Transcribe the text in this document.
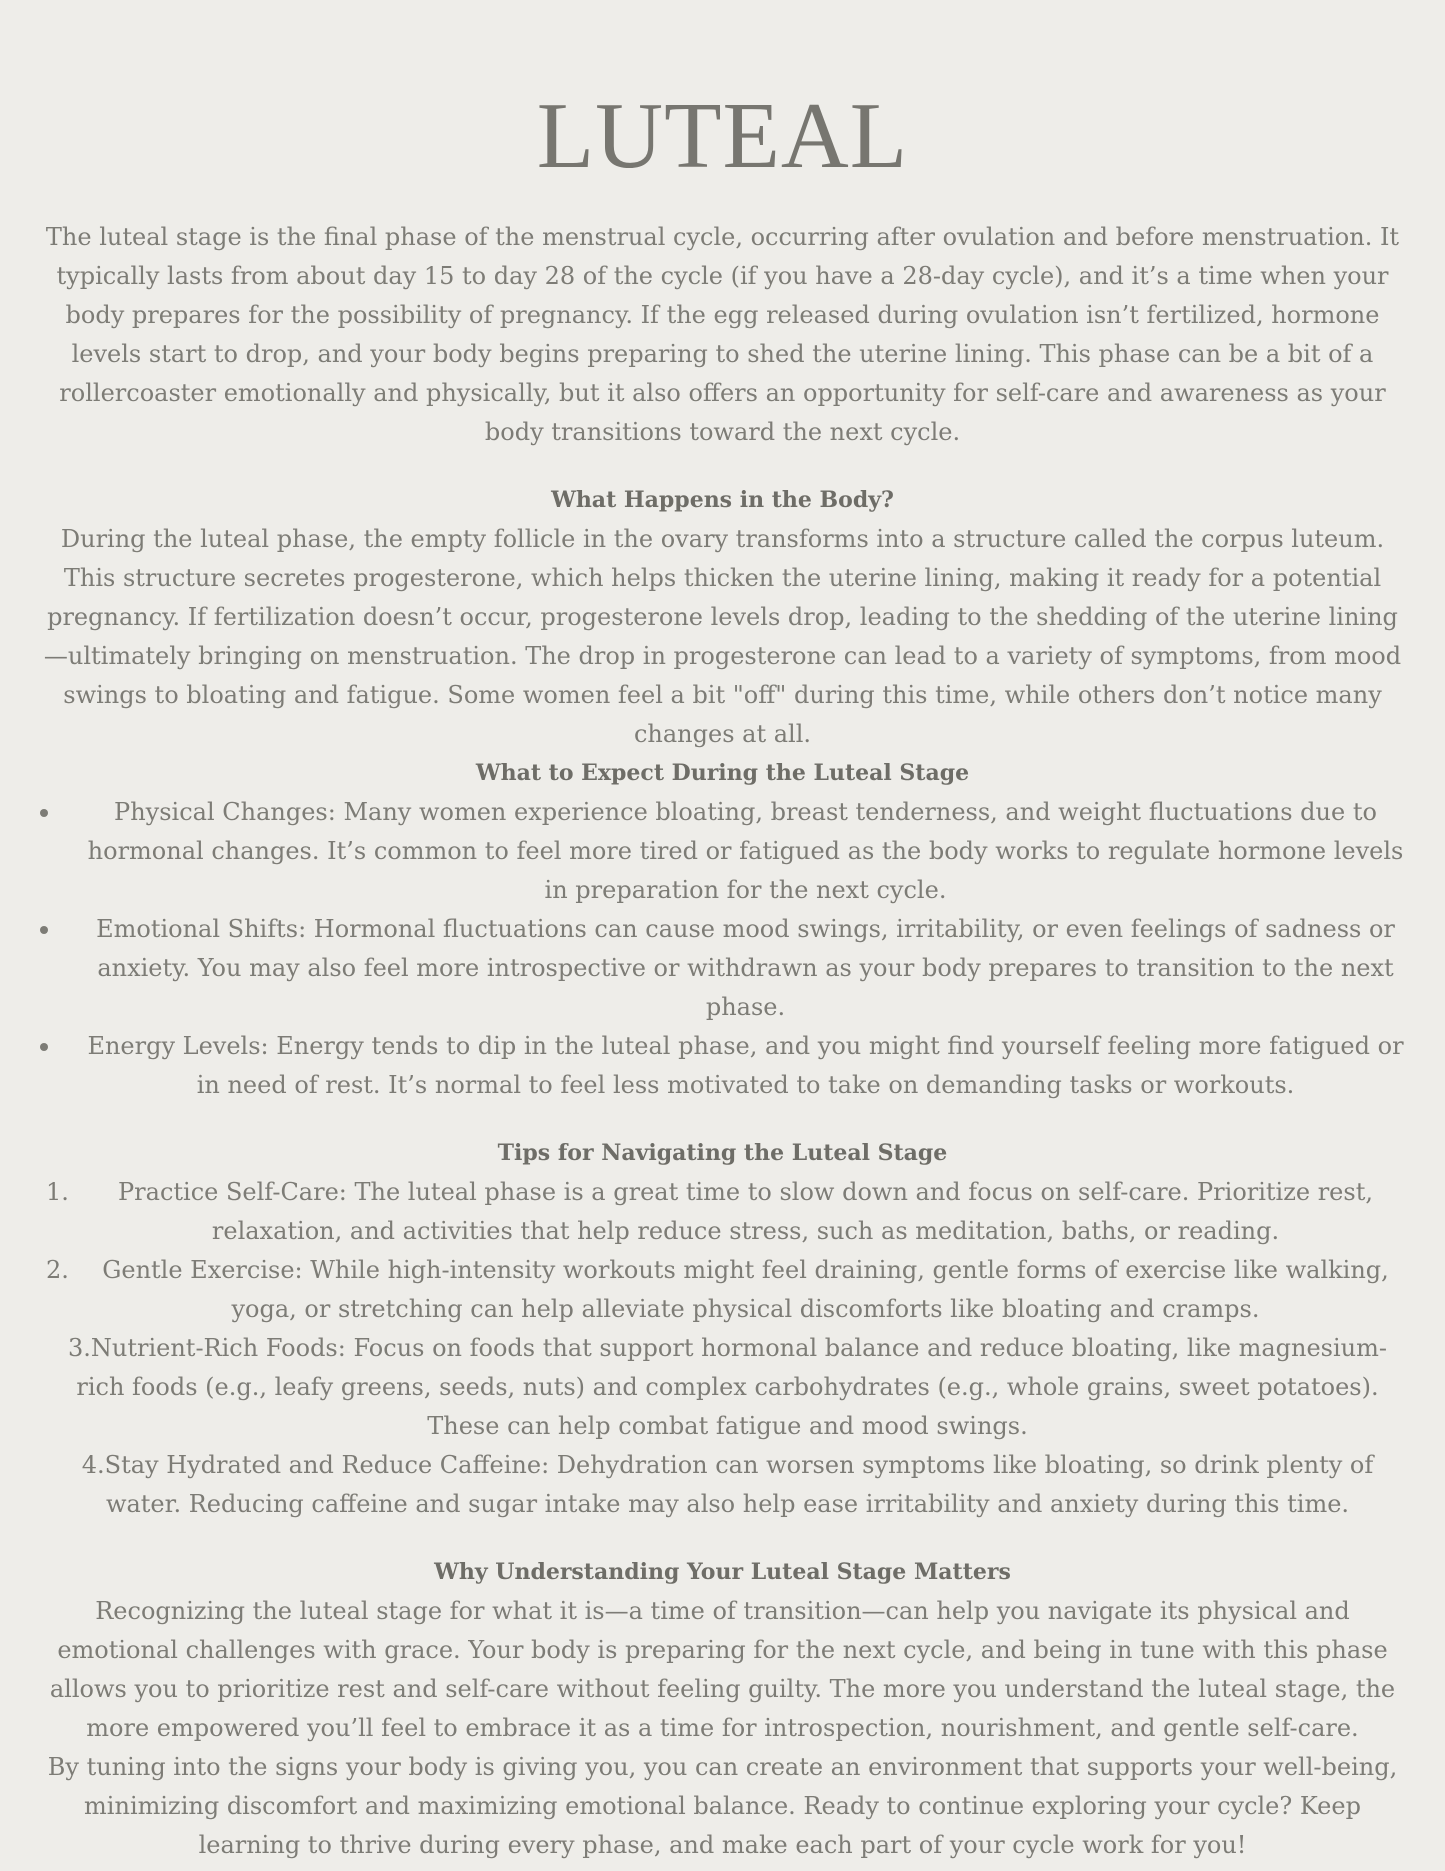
LUTEAL

The luteal stage is the final phase of the menstrual cycle, occurring after ovulation and before menstruation. It typically lasts from about day 15 to day 28 of the cycle (if you have a 28-day cycle), and it’s a time when your body prepares for the possibility of pregnancy. If the egg released during ovulation isn’t fertilized, hormone levels start to drop, and your body begins preparing to shed the uterine lining. This phase can be a bit of a rollercoaster emotionally and physically, but it also offers an opportunity for self-care and awareness as your body transitions toward the next cycle.

What Happens in the Body?

During the luteal phase, the empty follicle in the ovary transforms into a structure called the corpus luteum. This structure secretes progesterone, which helps thicken the uterine lining, making it ready for a potential pregnancy. If fertilization doesn’t occur, progesterone levels drop, leading to the shedding of the uterine lining—ultimately bringing on menstruation. The drop in progesterone can lead to a variety of symptoms, from mood swings to bloating and fatigue. Some women feel a bit "off" during this time, while others don’t notice many changes at all.

What to Expect During the Luteal Stage
Physical Changes: Many women experience bloating, breast tenderness, and weight fluctuations due to hormonal changes. It’s common to feel more tired or fatigued as the body works to regulate hormone levels in preparation for the next cycle.
Emotional Shifts: Hormonal fluctuations can cause mood swings, irritability, or even feelings of sadness or anxiety. You may also feel more introspective or withdrawn as your body prepares to transition to the next phase.
Energy Levels: Energy tends to dip in the luteal phase, and you might find yourself feeling more fatigued or in need of rest. It’s normal to feel less motivated to take on demanding tasks or workouts.
Tips for Navigating the Luteal Stage
1. Practice Self-Care: The luteal phase is a great time to slow down and focus on self-care. Prioritize rest, relaxation, and activities that help reduce stress, such as meditation, baths, or reading.
2. Gentle Exercise: While high-intensity workouts might feel draining, gentle forms of exercise like walking, yoga, or stretching can help alleviate physical discomforts like bloating and cramps.
3.Nutrient-Rich Foods: Focus on foods that support hormonal balance and reduce bloating, like magnesium-rich foods (e.g., leafy greens, seeds, nuts) and complex carbohydrates (e.g., whole grains, sweet potatoes). These can help combat fatigue and mood swings.
4.Stay Hydrated and Reduce Caffeine: Dehydration can worsen symptoms like bloating, so drink plenty of water. Reducing caffeine and sugar intake may also help ease irritability and anxiety during this time.
Why Understanding Your Luteal Stage Matters

Recognizing the luteal stage for what it is—a time of transition—can help you navigate its physical and emotional challenges with grace. Your body is preparing for the next cycle, and being in tune with this phase allows you to prioritize rest and self-care without feeling guilty. The more you understand the luteal stage, the more empowered you’ll feel to embrace it as a time for introspection, nourishment, and gentle self-care.

By tuning into the signs your body is giving you, you can create an environment that supports your well-being, minimizing discomfort and maximizing emotional balance. Ready to continue exploring your cycle? Keep learning to thrive during every phase, and make each part of your cycle work for you!
